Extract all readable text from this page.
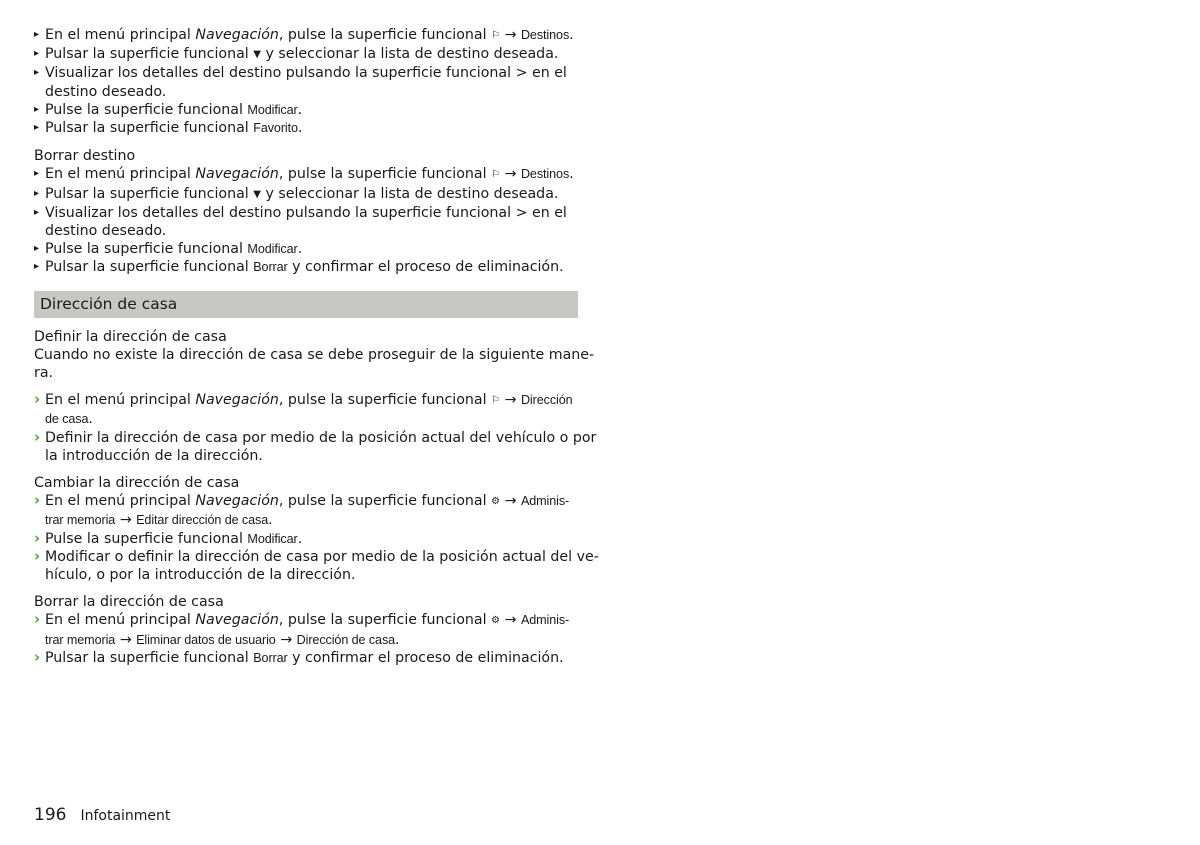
▸ En el menú principal Navegación, pulse la superficie funcional ⚐ → Destinos.
▸ Pulsar la superficie funcional ▼ y seleccionar la lista de destino deseada.
▸ Visualizar los detalles del destino pulsando la superficie funcional > en el
destino deseado.
▸ Pulse la superficie funcional Modificar.
▸ Pulsar la superficie funcional Favorito.
Borrar destino
▸ En el menú principal Navegación, pulse la superficie funcional ⚐ → Destinos.
▸ Pulsar la superficie funcional ▼ y seleccionar la lista de destino deseada.
▸ Visualizar los detalles del destino pulsando la superficie funcional > en el
destino deseado.
▸ Pulse la superficie funcional Modificar.
▸ Pulsar la superficie funcional Borrar y confirmar el proceso de eliminación.
Dirección de casa
Definir la dirección de casa
Cuando no existe la dirección de casa se debe proseguir de la siguiente mane-
ra.
› En el menú principal Navegación, pulse la superficie funcional ⚐ → Dirección
de casa.
› Definir la dirección de casa por medio de la posición actual del vehículo o por
la introducción de la dirección.
Cambiar la dirección de casa
› En el menú principal Navegación, pulse la superficie funcional ⚙ → Adminis-
trar memoria → Editar dirección de casa.
› Pulse la superficie funcional Modificar.
› Modificar o definir la dirección de casa por medio de la posición actual del ve-
hículo, o por la introducción de la dirección.
Borrar la dirección de casa
› En el menú principal Navegación, pulse la superficie funcional ⚙ → Adminis-
trar memoria → Eliminar datos de usuario → Dirección de casa.
› Pulsar la superficie funcional Borrar y confirmar el proceso de eliminación.
196 Infotainment
